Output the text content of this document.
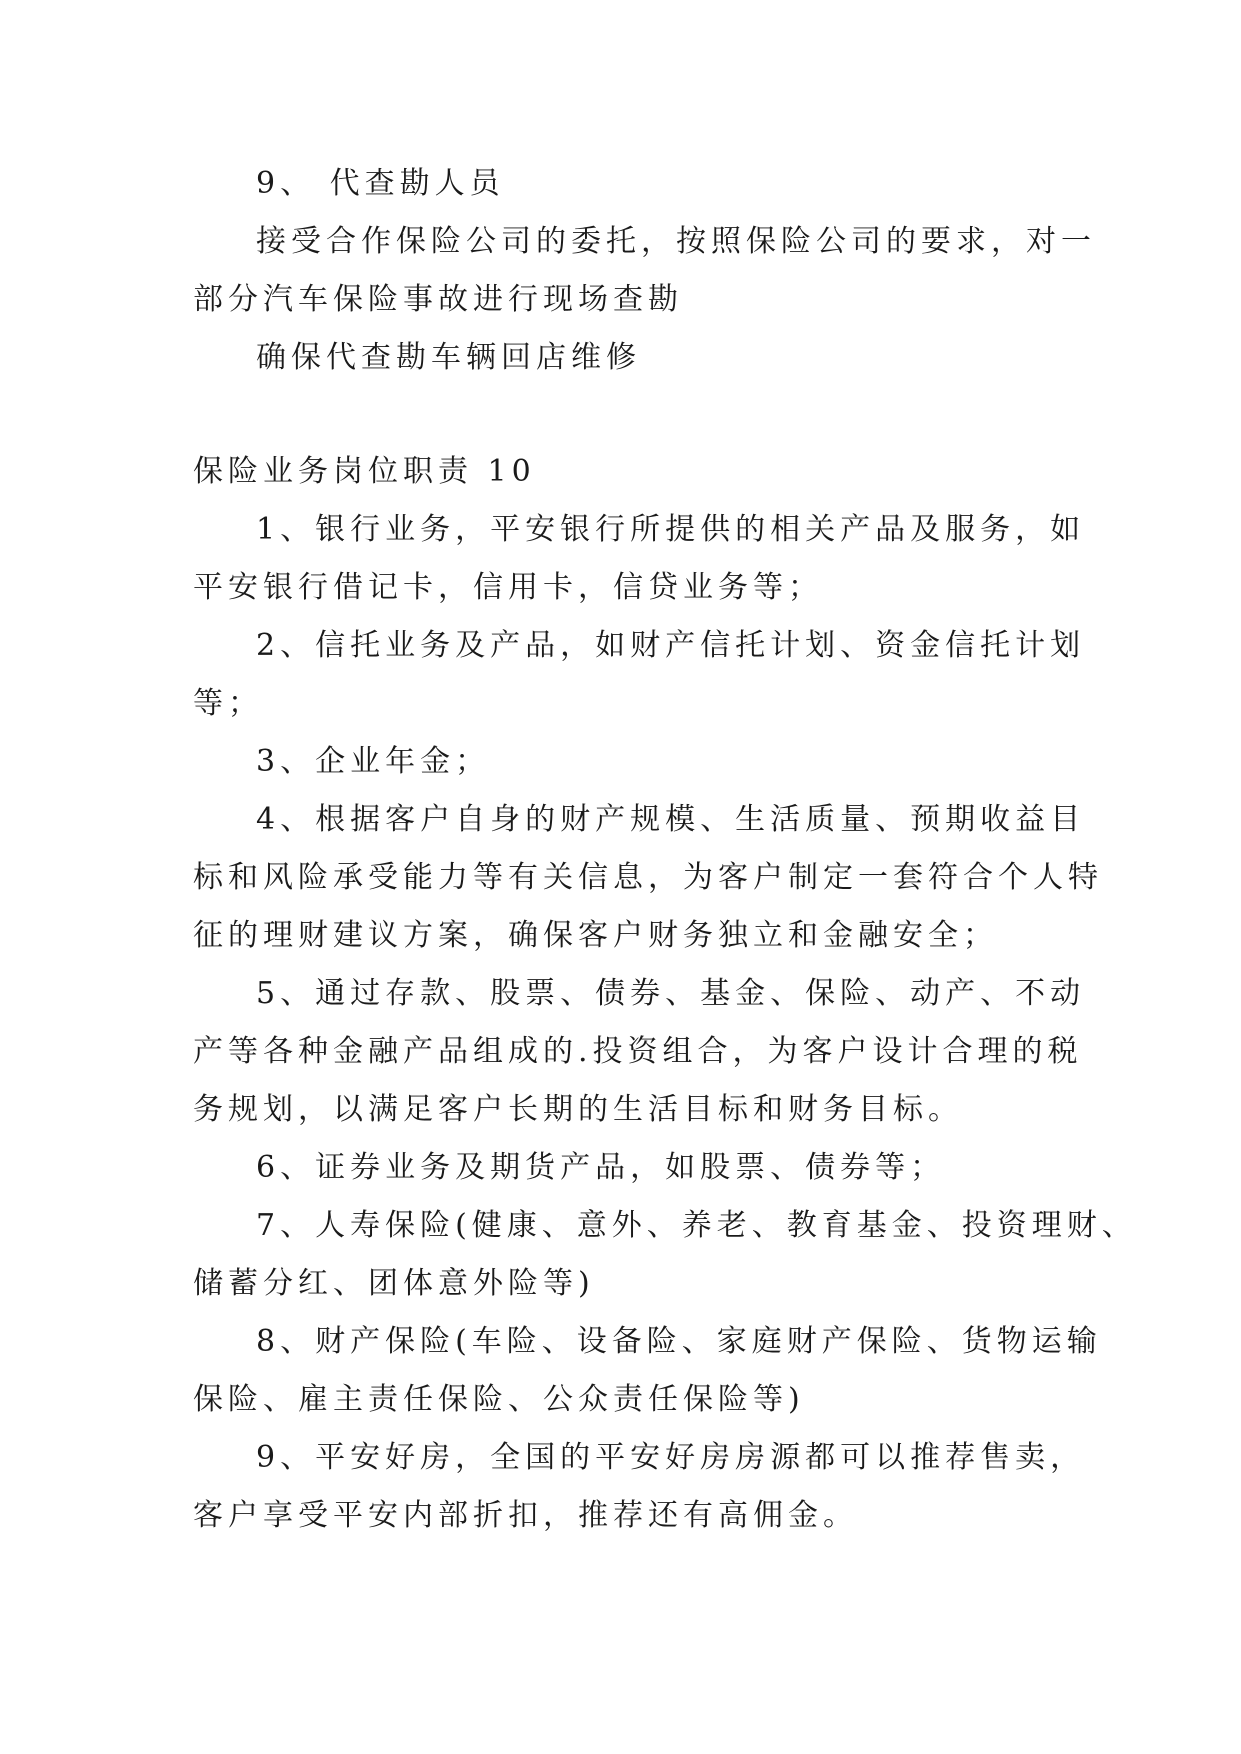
9、 代查勘人员
接受合作保险公司的委托，按照保险公司的要求，对一
部分汽车保险事故进行现场查勘
确保代查勘车辆回店维修
保险业务岗位职责 10
1、银行业务，平安银行所提供的相关产品及服务，如
平安银行借记卡，信用卡，信贷业务等；
2、信托业务及产品，如财产信托计划、资金信托计划
等；
3、企业年金；
4、根据客户自身的财产规模、生活质量、预期收益目
标和风险承受能力等有关信息，为客户制定一套符合个人特
征的理财建议方案，确保客户财务独立和金融安全；
5、通过存款、股票、债券、基金、保险、动产、不动
产等各种金融产品组成的.投资组合，为客户设计合理的税
务规划，以满足客户长期的生活目标和财务目标。
6、证券业务及期货产品，如股票、债券等；
7、人寿保险(健康、意外、养老、教育基金、投资理财、
储蓄分红、团体意外险等)
8、财产保险(车险、设备险、家庭财产保险、货物运输
保险、雇主责任保险、公众责任保险等)
9、平安好房，全国的平安好房房源都可以推荐售卖，
客户享受平安内部折扣，推荐还有高佣金。
